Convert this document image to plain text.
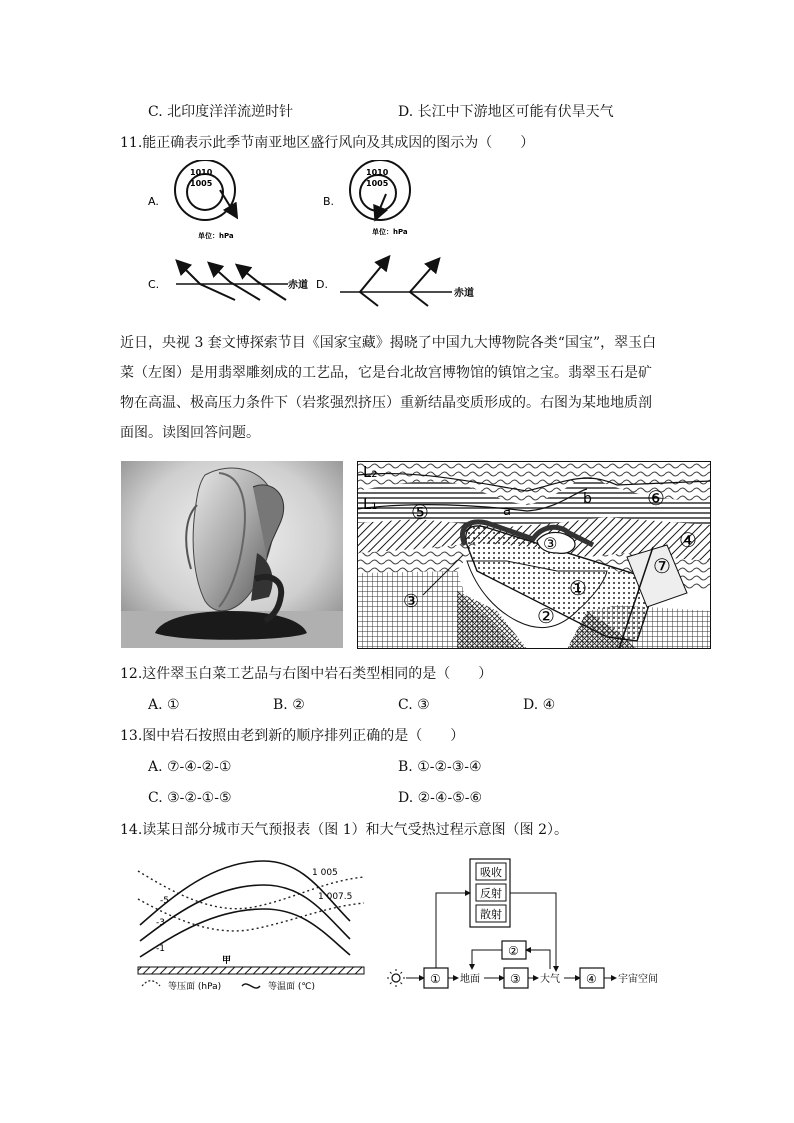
C. 北印度洋洋流逆时针	D. 长江中下游地区可能有伏旱天气
11.能正确表示此季节南亚地区盛行风向及其成因的图示为（　　）
A.
1010
1005
单位：hPa
B.
1010
1005
单位：hPa
C.	赤道 D.
赤道
近日，央视 3 套文博探索节目《国家宝藏》揭晓了中国九大博物院各类“国宝”，翠玉白菜（左图）是用翡翠雕刻成的工艺品，它是台北故宫博物馆的镇馆之宝。翡翠玉石是矿物在高温、极高压力条件下（岩浆强烈挤压）重新结晶变质形成的。右图为某地地质剖面图。读图回答问题。
L₂
L₁	a
b
⑤
⑥
④
⑦
①
②
③
③
12.这件翠玉白菜工艺品与右图中岩石类型相同的是（　　）
A. ①	B. ②	C. ③	D. ④
13.图中岩石按照由老到新的顺序排列正确的是（　　）
A. ⑦-④-②-①	B. ①-②-③-④
C. ③-②-①-⑤	D. ②-④-⑤-⑥
14.读某日部分城市天气预报表（图 1）和大气受热过程示意图（图 2）。
-5
-3
-1
1 005
1 007.5
甲
等压面 (hPa)	等温面 (℃)
① 地面	③ 大气 ④ 宇宙空间
②
吸收
反射
散射
